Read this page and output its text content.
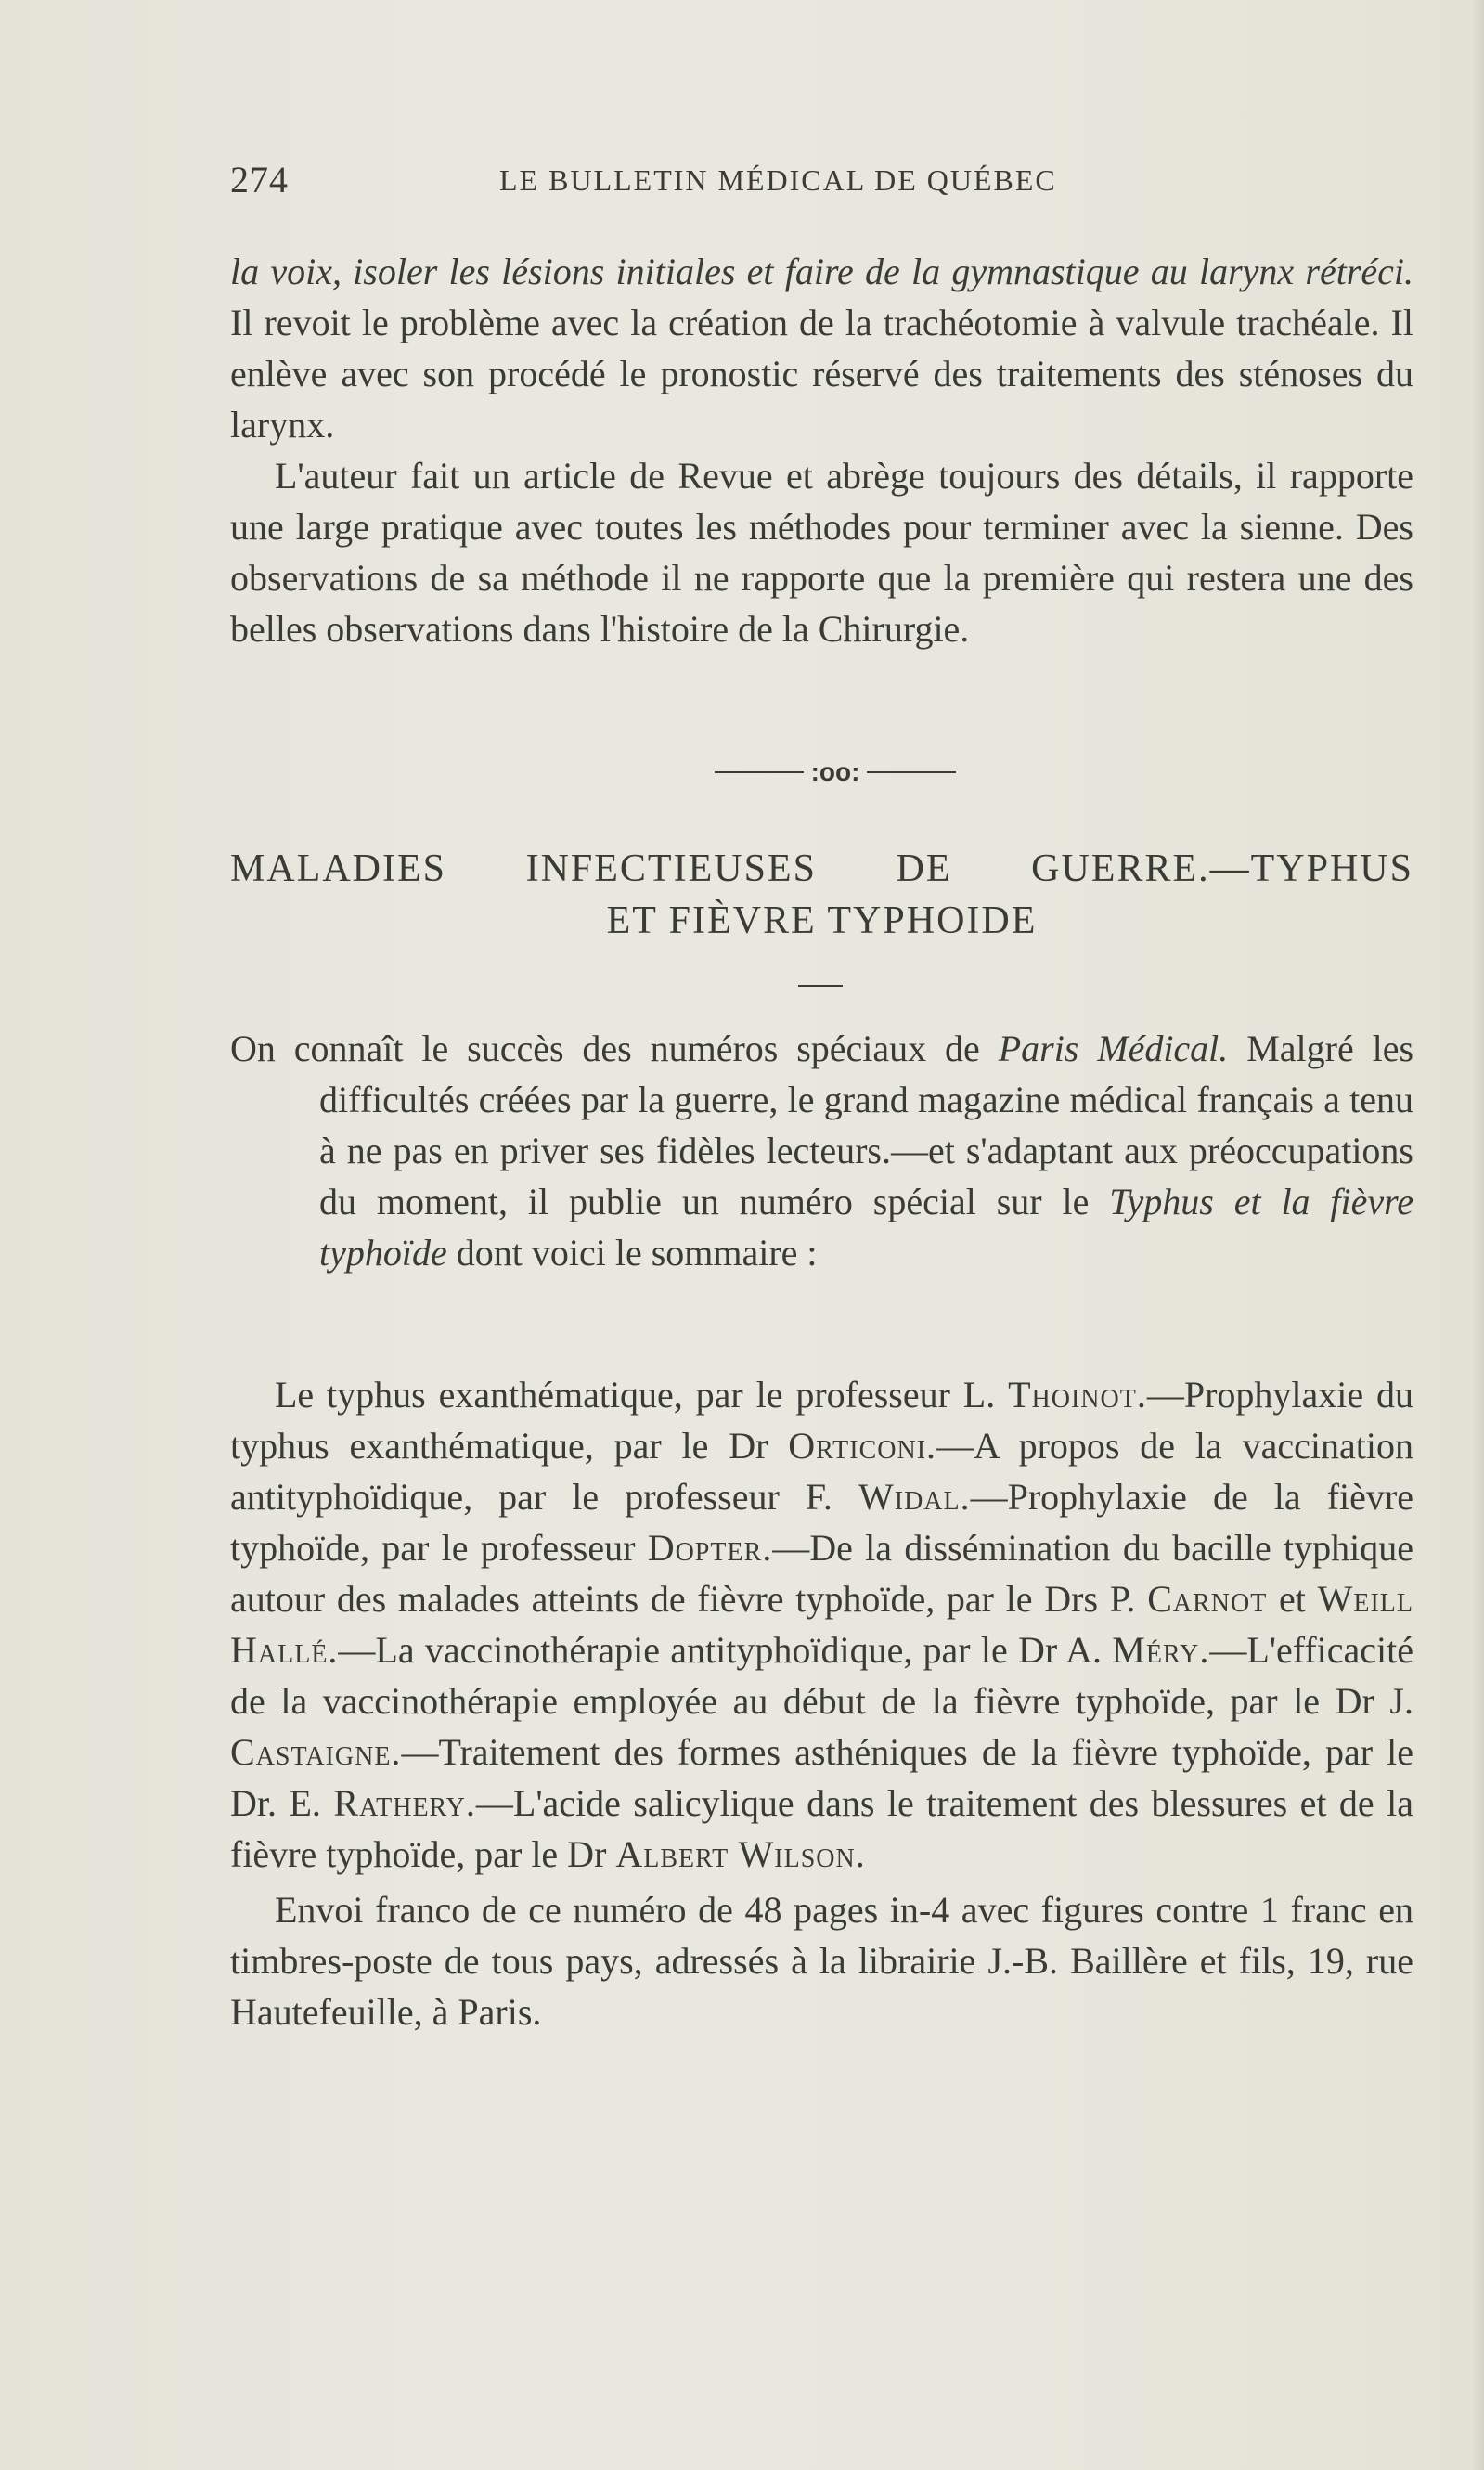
274	LE BULLETIN MÉDICAL DE QUÉBEC

la voix, isoler les lésions initiales et faire de la gymnastique au larynx rétréci. Il revoit le problème avec la création de la trachéotomie à valvule trachéale. Il enlève avec son procédé le pronostic réservé des traitements des sténoses du larynx.

L'auteur fait un article de Revue et abrège toujours des détails, il rapporte une large pratique avec toutes les méthodes pour terminer avec la sienne. Des observations de sa méthode il ne rapporte que la première qui restera une des belles observations dans l'histoire de la Chirurgie.

:oo:
MALADIES INFECTIEUSES DE GUERRE.—TYPHUS
ET FIÈVRE TYPHOIDE

On connaît le succès des numéros spéciaux de Paris Médical. Malgré les difficultés créées par la guerre, le grand magazine médical français a tenu à ne pas en priver ses fidèles lecteurs.—et s'adaptant aux préoccupations du moment, il publie un numéro spécial sur le Typhus et la fièvre typhoïde dont voici le sommaire :

Le typhus exanthématique, par le professeur L. Thoinot.—Prophylaxie du typhus exanthématique, par le Dr Orticoni.—A propos de la vaccination antityphoïdique, par le professeur F. Widal.—Prophylaxie de la fièvre typhoïde, par le professeur Dopter.—De la dissémination du bacille typhique autour des malades atteints de fièvre typhoïde, par le Drs P. Carnot et Weill Hallé.—La vaccinothérapie antityphoïdique, par le Dr A. Méry.—L'efficacité de la vaccinothérapie employée au début de la fièvre typhoïde, par le Dr J. Castaigne.—Traitement des formes asthéniques de la fièvre typhoïde, par le Dr. E. Rathery.—L'acide salicylique dans le traitement des blessures et de la fièvre typhoïde, par le Dr Albert Wilson.

Envoi franco de ce numéro de 48 pages in-4 avec figures contre 1 franc en timbres-poste de tous pays, adressés à la librairie J.-B. Baillère et fils, 19, rue Hautefeuille, à Paris.
